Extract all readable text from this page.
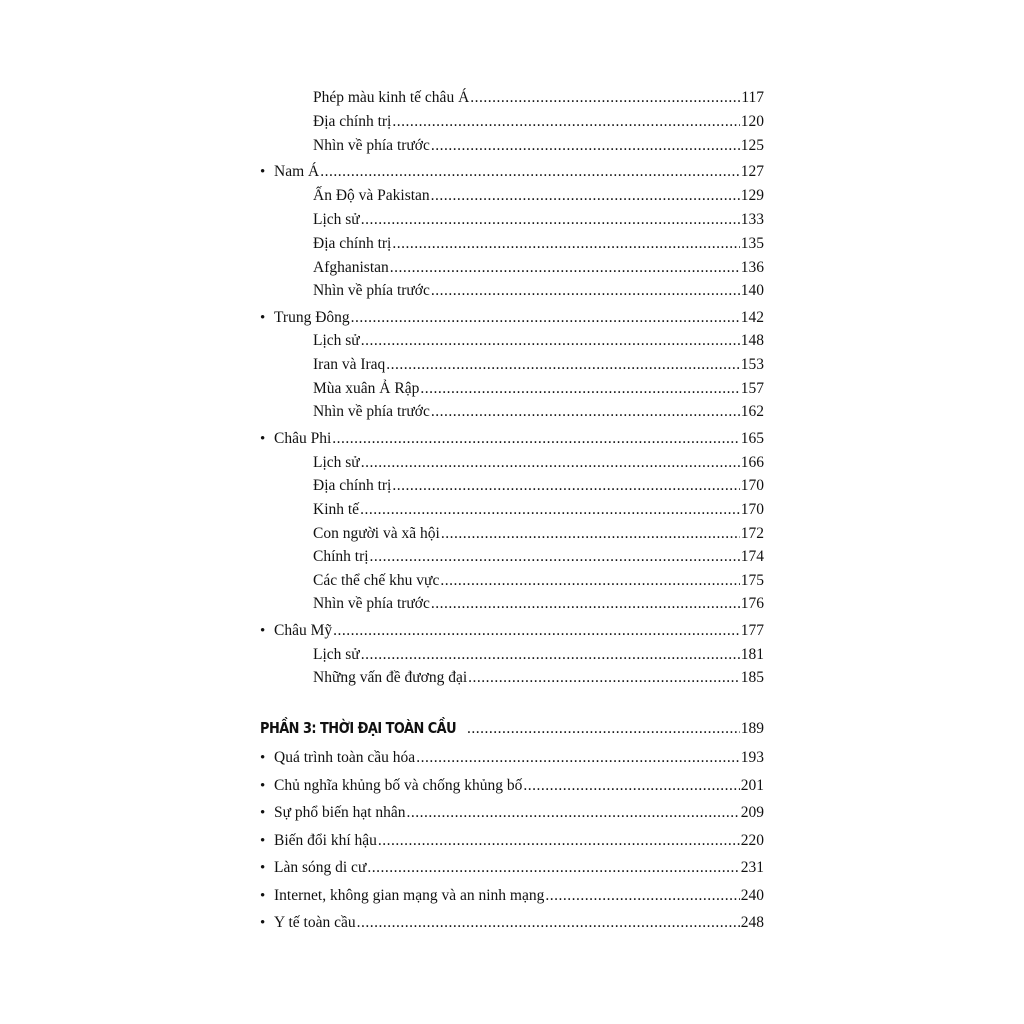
Phép màu kinh tế châu Á .....	117
Địa chính trị .....	120
Nhìn về phía trước .....	125
• Nam Á .....	127
Ấn Độ và Pakistan .....	129
Lịch sử .....	133
Địa chính trị .....	135
Afghanistan .....	136
Nhìn về phía trước .....	140
• Trung Đông .....	142
Lịch sử .....	148
Iran và Iraq .....	153
Mùa xuân Ả Rập .....	157
Nhìn về phía trước .....	162
• Châu Phi .....	165
Lịch sử .....	166
Địa chính trị .....	170
Kinh tế .....	170
Con người và xã hội .....	172
Chính trị .....	174
Các thể chế khu vực .....	175
Nhìn về phía trước .....	176
• Châu Mỹ .....	177
Lịch sử .....	181
Những vấn đề đương đại .....	185
PHẦN 3: THỜI ĐẠI TOÀN CẦU .....	189
• Quá trình toàn cầu hóa .....	193
• Chủ nghĩa khủng bố và chống khủng bố .....	201
• Sự phổ biến hạt nhân .....	209
• Biến đổi khí hậu .....	220
• Làn sóng di cư .....	231
• Internet, không gian mạng và an ninh mạng .....	240
• Y tế toàn cầu .....	248
